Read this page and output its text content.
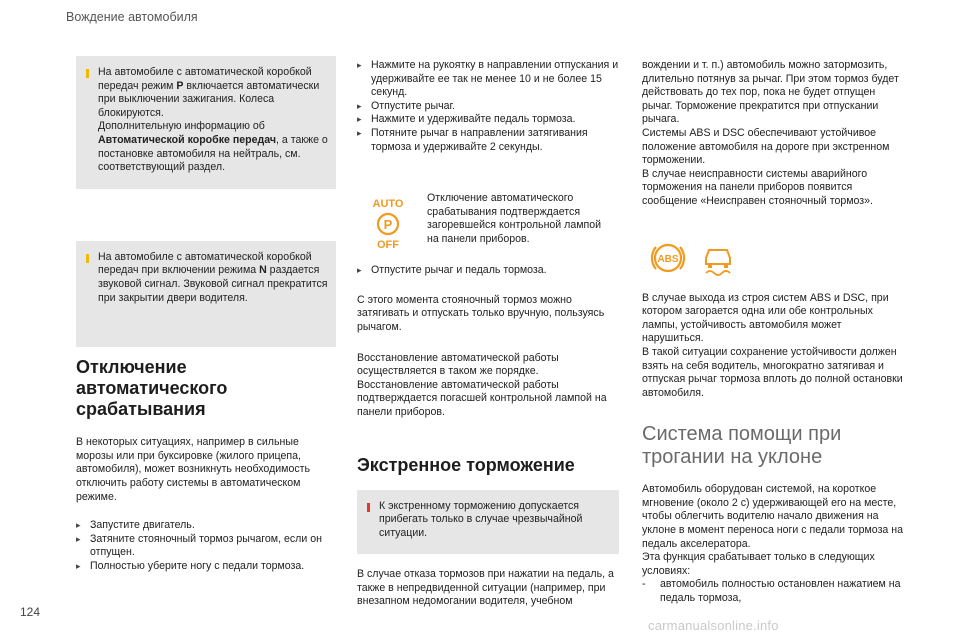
Вождение автомобиля
124
carmanualsonline.info
На автомобиле с автоматической коробкой передач режим P включается автоматически при выключении зажигания. Колеса блокируются.
Дополнительную информацию об Автоматической коробке передач, а также о постановке автомобиля на нейтраль, см. соответствующий раздел.
На автомобиле с автоматической коробкой передач при включении режима N раздается звуковой сигнал. Звуковой сигнал прекратится при закрытии двери водителя.
Отключение автоматического срабатывания

В некоторых ситуациях, например в сильные морозы или при буксировке (жилого прицепа, автомобиля), может возникнуть необходимость отключить работу системы в автоматическом режиме.

▸ Запустите двигатель.
▸ Затяните стояночный тормоз рычагом, если он отпущен.
▸ Полностью уберите ногу с педали тормоза.
▸ Нажмите на рукоятку в направлении отпускания и удерживайте ее так не менее 10 и не более 15 секунд.
▸ Отпустите рычаг.
▸ Нажмите и удерживайте педаль тормоза.
▸ Потяните рычаг в направлении затягивания тормоза и удерживайте 2 секунды.
AUTO
P
OFF
Отключение автоматического срабатывания подтверждается загоревшейся контрольной лампой на панели приборов.
▸ Отпустите рычаг и педаль тормоза.

С этого момента стояночный тормоз можно затягивать и отпускать только вручную, пользуясь рычагом.

Восстановление автоматической работы осуществляется в таком же порядке. Восстановление автоматической работы подтверждается погасшей контрольной лампой на панели приборов.

Экстренное торможение
К экстренному торможению допускается прибегать только в случае чрезвычайной ситуации.

В случае отказа тормозов при нажатии на педаль, а также в непредвиденной ситуации (например, при внезапном недомогании водителя, учебном

вождении и т. п.) автомобиль можно затормозить, длительно потянув за рычаг. При этом тормоз будет действовать до тех пор, пока не будет отпущен рычаг. Торможение прекратится при отпускании рычага.

Системы ABS и DSC обеспечивают устойчивое положение автомобиля на дороге при экстренном торможении.

В случае неисправности системы аварийного торможения на панели приборов появится сообщение «Неисправен стояночный тормоз».

ABS

В случае выхода из строя систем ABS и DSC, при котором загорается одна или обе контрольных лампы, устойчивость автомобиля может нарушиться.

В такой ситуации сохранение устойчивости должен взять на себя водитель, многократно затягивая и отпуская рычаг тормоза вплоть до полной остановки автомобиля.

Система помощи при трогании на уклоне

Автомобиль оборудован системой, на короткое мгновение (около 2 с) удерживающей его на месте, чтобы облегчить водителю начало движения на уклоне в момент переноса ноги с педали тормоза на педаль акселератора.

Эта функция срабатывает только в следующих условиях:

- автомобиль полностью остановлен нажатием на педаль тормоза,
